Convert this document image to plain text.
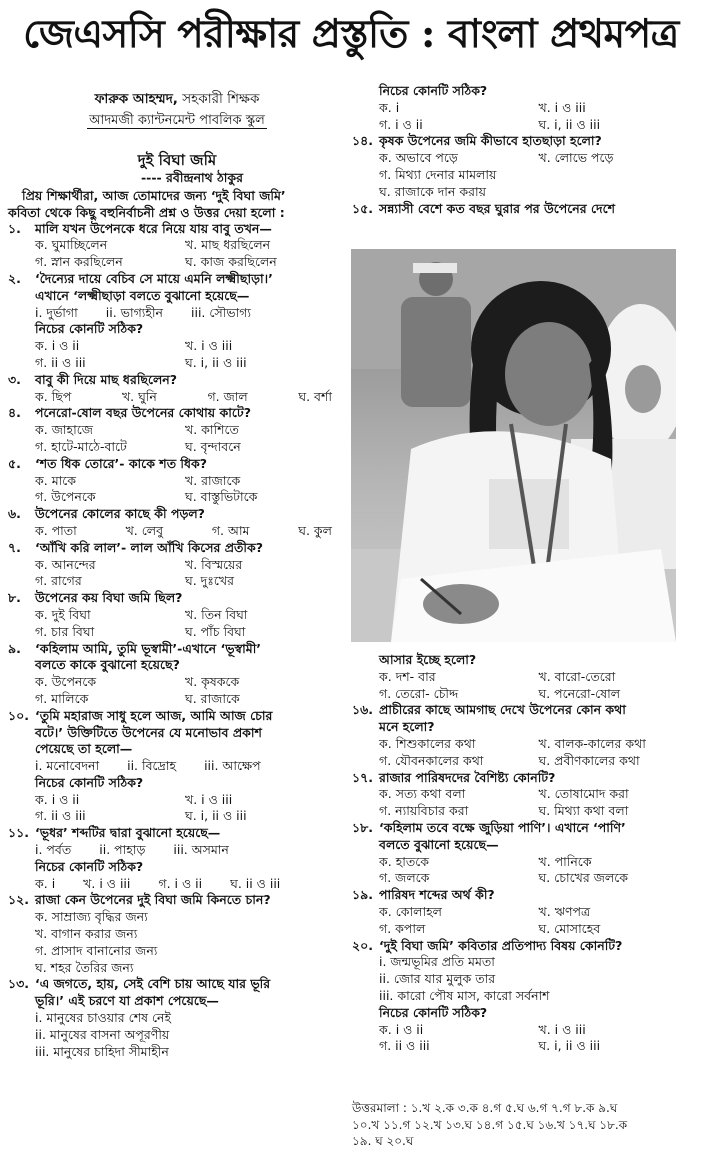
জেএসসি পরীক্ষার প্রস্তুতি : বাংলা প্রথমপত্র
ফারুক আহম্মদ, সহকারী শিক্ষক
আদমজী ক্যান্টনমেন্ট পাবলিক স্কুল
দুই বিঘা জমি
---- রবীন্দ্রনাথ ঠাকুর
প্রিয় শিক্ষার্থীরা, আজ তোমাদের জন্য ‘দুই বিঘা জমি’
কবিতা থেকে কিছু বহুনির্বাচনী প্রশ্ন ও উত্তর দেয়া হলো :
১.	মালি যখন উপেনকে ধরে নিয়ে যায় বাবু তখন—
ক. ঘুমাচ্ছিলেন	খ. মাছ ধরছিলেন
গ. স্নান করছিলেন	ঘ. কাজ করছিলেন
২.	‘দৈন্যের দায়ে বেচিব সে মায়ে এমনি লক্ষ্মীছাড়া।’
এখানে ‘লক্ষ্মীছাড়া বলতে বুঝানো হয়েছে—
i. দুর্ভাগা ii. ভাগ্যহীন iii. সৌভাগ্য
নিচের কোনটি সঠিক?
ক. i ও ii	খ. i ও iii
গ. ii ও iii	ঘ. i, ii ও iii
৩.	বাবু কী দিয়ে মাছ ধরছিলেন?
ক. ছিপ	খ. ঘুনি	গ. জাল	ঘ. বর্শা
৪.	পনেরো-ষোল বছর উপেনের কোথায় কাটে?
ক. জাহাজে	খ. কাশিতে
গ. হাটে-মাঠে-বাটে	ঘ. বৃন্দাবনে
৫.	‘শত ধিক তোরে’- কাকে শত ধিক?
ক. মাকে	খ. রাজাকে
গ. উপেনকে	ঘ. বাস্তুভিটাকে
৬.	উপেনের কোলের কাছে কী পড়ল?
ক. পাতা	খ. লেবু	গ. আম	ঘ. কুল
৭.	‘আঁখি করি লাল’- লাল আঁখি কিসের প্রতীক?
ক. আনন্দের	খ. বিস্ময়ের
গ. রাগের	ঘ. দুঃখের
৮.	উপেনের কয় বিঘা জমি ছিল?
ক. দুই বিঘা	খ. তিন বিঘা
গ. চার বিঘা	ঘ. পাঁচ বিঘা
৯.	‘কহিলাম আমি, তুমি ভূস্বামী’-এখানে ‘ভূস্বামী’
বলতে কাকে বুঝানো হয়েছে?
ক. উপেনকে	খ. কৃষককে
গ. মালিকে	ঘ. রাজাকে
১০. ‘তুমি মহারাজ সাধু হলে আজ, আমি আজ চোর
বটে।’ উক্তিটিতে উপেনের যে মনোভাব প্রকাশ
পেয়েছে তা হলো—
i. মনোবেদনা ii. বিদ্রোহ iii. আক্ষেপ
নিচের কোনটি সঠিক?
ক. i ও ii	খ. i ও iii
গ. ii ও iii	ঘ. i, ii ও iii
১১. ‘ভূধর’ শব্দটির দ্বারা বুঝানো হয়েছে—
i. পর্বত ii. পাহাড় iii. অসমান
নিচের কোনটি সঠিক?
ক. i খ. i ও iii গ. i ও ii ঘ. ii ও iii
১২. রাজা কেন উপেনের দুই বিঘা জমি কিনতে চান?
ক. সাম্রাজ্য বৃদ্ধির জন্য
খ. বাগান করার জন্য
গ. প্রাসাদ বানানোর জন্য
ঘ. শহর তৈরির জন্য
১৩. ‘এ জগতে, হায়, সেই বেশি চায় আছে যার ভূরি
ভূরি।’ এই চরণে যা প্রকাশ পেয়েছে—
i. মানুষের চাওয়ার শেষ নেই
ii. মানুষের বাসনা অপূরণীয়
iii. মানুষের চাহিদা সীমাহীন
নিচের কোনটি সঠিক?
ক. i	খ. i ও iii
গ. i ও ii	ঘ. i, ii ও iii
১৪. কৃষক উপেনের জমি কীভাবে হাতছাড়া হলো?
ক. অভাবে পড়ে	খ. লোভে পড়ে
গ. মিথ্যা দেনার মামলায়
ঘ. রাজাকে দান করায়
১৫. সন্ন্যাসী বেশে কত বছর ঘুরার পর উপেনের দেশে
আসার ইচ্ছে হলো?
ক. দশ- বার	খ. বারো-তেরো
গ. তেরো- চৌদ্দ	ঘ. পনেরো-ষোল
১৬. প্রাচীরের কাছে আমগাছ দেখে উপেনের কোন কথা
মনে হলো?
ক. শিশুকালের কথা	খ. বালক-কালের কথা
গ. যৌবনকালের কথা	ঘ. প্রবীণকালের কথা
১৭. রাজার পারিষদদের বৈশিষ্ট্য কোনটি?
ক. সত্য কথা বলা	খ. তোষামোদ করা
গ. ন্যায়বিচার করা	ঘ. মিথ্যা কথা বলা
১৮. ‘কহিলাম তবে বক্ষে জুড়িয়া পাণি’। এখানে ‘পাণি’
বলতে বুঝানো হয়েছে—
ক. হাতকে	খ. পানিকে
গ. জলকে	ঘ. চোখের জলকে
১৯. পারিষদ শব্দের অর্থ কী?
ক. কোলাহল	খ. ঋণপত্র
গ. কপাল	ঘ. মোসাহেব
২০. ‘দুই বিঘা জমি’ কবিতার প্রতিপাদ্য বিষয় কোনটি?
i. জন্মভূমির প্রতি মমতা
ii. জোর যার মুলুক তার
iii. কারো পৌষ মাস, কারো সর্বনাশ
নিচের কোনটি সঠিক?
ক. i ও ii	খ. i ও iii
গ. ii ও iii	ঘ. i, ii ও iii
উত্তরমালা : ১.খ ২.ক ৩.ক ৪.গ ৫.ঘ ৬.গ ৭.গ ৮.ক ৯.ঘ
১০.খ ১১.গ ১২.খ ১৩.ঘ ১৪.গ ১৫.ঘ ১৬.খ ১৭.ঘ ১৮.ক
১৯. ঘ ২০.ঘ
